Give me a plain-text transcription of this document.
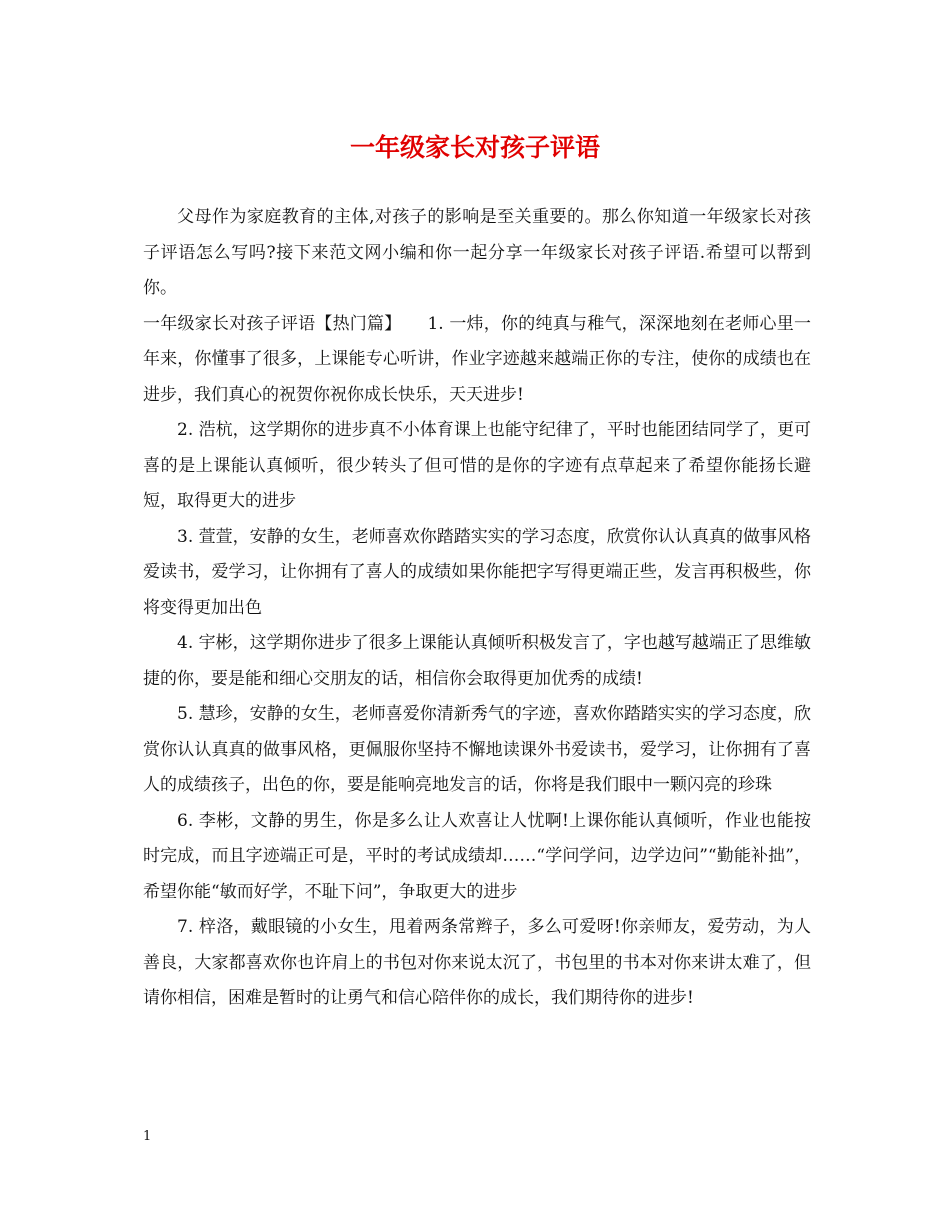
一年级家长对孩子评语

父母作为家庭教育的主体,对孩子的影响是至关重要的。那么你知道一年级家长对孩子评语怎么写吗?接下来范文网小编和你一起分享一年级家长对孩子评语.希望可以帮到你。

一年级家长对孩子评语【热门篇】　　1. 一炜，你的纯真与稚气，深深地刻在老师心里一年来，你懂事了很多，上课能专心听讲，作业字迹越来越端正你的专注，使你的成绩也在进步，我们真心的祝贺你祝你成长快乐，天天进步!

2. 浩杭，这学期你的进步真不小体育课上也能守纪律了，平时也能团结同学了，更可喜的是上课能认真倾听，很少转头了但可惜的是你的字迹有点草起来了希望你能扬长避短，取得更大的进步

3. 萱萱，安静的女生，老师喜欢你踏踏实实的学习态度，欣赏你认认真真的做事风格爱读书，爱学习，让你拥有了喜人的成绩如果你能把字写得更端正些，发言再积极些，你将变得更加出色

4. 宇彬，这学期你进步了很多上课能认真倾听积极发言了，字也越写越端正了思维敏捷的你，要是能和细心交朋友的话，相信你会取得更加优秀的成绩!

5. 慧珍，安静的女生，老师喜爱你清新秀气的字迹，喜欢你踏踏实实的学习态度，欣赏你认认真真的做事风格，更佩服你坚持不懈地读课外书爱读书，爱学习，让你拥有了喜人的成绩孩子，出色的你，要是能响亮地发言的话，你将是我们眼中一颗闪亮的珍珠

6. 李彬，文静的男生，你是多么让人欢喜让人忧啊!上课你能认真倾听，作业也能按时完成，而且字迹端正可是，平时的考试成绩却……“学问学问，边学边问”“勤能补拙”，希望你能“敏而好学，不耻下问”，争取更大的进步

7. 梓洛，戴眼镜的小女生，甩着两条常辫子，多么可爱呀!你亲师友，爱劳动，为人善良，大家都喜欢你也许肩上的书包对你来说太沉了，书包里的书本对你来讲太难了，但请你相信，困难是暂时的让勇气和信心陪伴你的成长，我们期待你的进步!

1
